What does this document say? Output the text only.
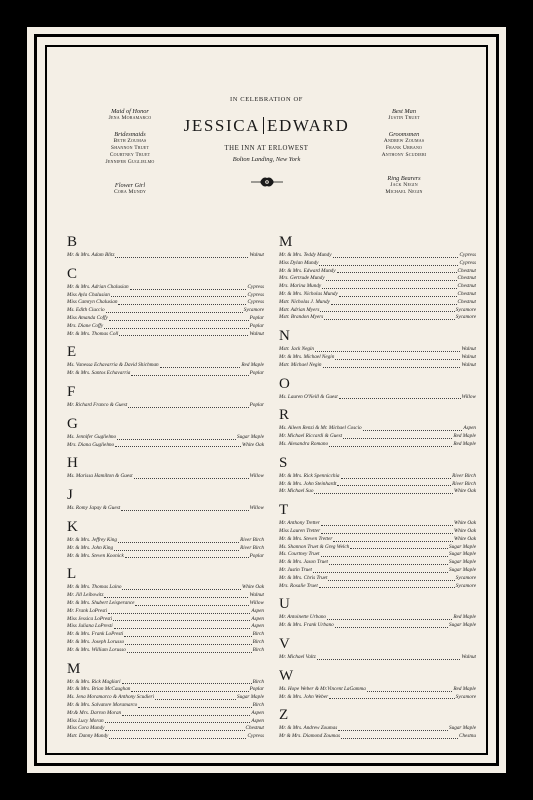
IN CELEBRATION OF
JESSICA EDWARD
THE INN AT ERLOWEST
Bolton Landing, New York
Maid of Honor
Jena Moramarco
Bridesmaids
Beth Zoumas
Shannon Truet
Courtney Truet
Jennifer Guglielmo
Flower Girl
Cora Mundy
Best Man
Justin Truet
Groomsmen
Andrew Zoumas
Frank Urbano
Anthony Scudieri
Ring Bearers
Jack Negin
Michael Negin
B
Mr. & Mrs. Adam Blitz	Walnut
C
Mr. & Mrs. Adrian Chalusian	Cypress
Miss Ayla Chalusian	Cypress
Miss Camryn Chalusian	Cypress
Ms. Edith Ciuccio	Sycamore
Miss Amanda Coffy	Poplar
Mrs. Diane Coffy	Poplar
Mr. & Mrs. Thomas Coll	Walnut
E
Ms. Vanessa Echavarria & David Shichman	Red Maple
Mr. & Mrs. Santos Echavarria	Poplar
F
Mr. Richard Franco & Guest	Poplar
G
Ms. Jennifer Guglielmo	Sugar Maple
Mrs. Diana Guglielmo	White Oak
H
Ms. Marissa Hamilton & Guest	Willow
J
Ms. Romy Japay & Guest	Willow
K
Mr. & Mrs. Jeffrey King	River Birch
Mr. & Mrs. John King	River Birch
Mr. & Mrs. Steven Koonick	Poplar
L
Mr. & Mrs. Thomas Laino	White Oak
Mr. Jill Leibowitz	Walnut
Mr. & Mrs. Shubert Leisperance	Willow
Mr. Frank LoPresti	Aspen
Miss Jessica LoPresti	Aspen
Miss Juliana LoPresti	Aspen
Mr. & Mrs. Frank LoPresti	Birch
Mr. & Mrs. Joseph Lorusso	Birch
Mr. & Mrs. William Lorusso	Birch
M
Mr. & Mrs. Rick Magliari	Birch
Mr. & Mrs. Brian McCaughan	Poplar
Ms. Jena Moramarco & Anthony Scudieri	Sugar Maple
Mr. & Mrs. Salvatore Moramarco	Birch
Mr.& Mrs. Darron Moran	Aspen
Miss Lucy Moran	Aspen
Miss Cora Mundy	Chestnut
Mstr. Danny Mundy	Cypress
M
Mr. & Mrs. Teddy Mundy	Cypress
Miss Dylan Mundy	Cypress
Mr. & Mrs. Edward Mundy	Chestnut
Mrs. Gertrude Mundy	Chestnut
Mrs. Marina Mundy	Chestnut
Mr. & Mrs. Nicholas Mundy	Chestnut
Mstr. Nicholas J. Mundy	Chestnut
Mstr. Adrian Myers	Sycamore
Mstr. Brandon Myers	Sycamore
N
Mstr. Jack Negin	Walnut
Mr. & Mrs. Michael Negin	Walnut
Mstr. Michael Negin	Walnut
O
Ms. Lauren O'Neill & Guest	Willow
R
Ms. Aileen Renzi & Mr. Michael Coscio	Aspen
Mr. Michael Riccardi & Guest	Red Maple
Ms. Alexandra Romano	Red Maple
S
Mr. & Mrs. Rick Spennicchia	River Birch
Mr. & Mrs. John Steinhardt	River Birch
Mr. Michael Suo	White Oak
T
Mr. Anthony Tretter	White Oak
Miss Lauren Tretter	White Oak
Mr. & Mrs. Steven Tretter	White Oak
Ms. Shannon Truet & Greg Welch	Sugar Maple
Ms. Courtney Truet	Sugar Maple
Mr. & Mrs. Jason Truet	Sugar Maple
Mr. Justin Truet	Sugar Maple
Mr. & Mrs. Chris Truet	Sycamore
Mrs. Rosalie Truet	Sycamore
U
Mr. Antoinette Urbano	Red Maple
Mr. & Mrs. Frank Urbano	Sugar Maple
V
Mr. Michael Valtz	Walnut
W
Ms. Hope Weber & Mr.Vincent LaGamma	Red Maple
Mr. & Mrs. John Weber	Sycamore
Z
Mr. & Mrs. Andrew Zoumas	Sugar Maple
Mr & Mrs. Diamond Zoumas	Chestnu
